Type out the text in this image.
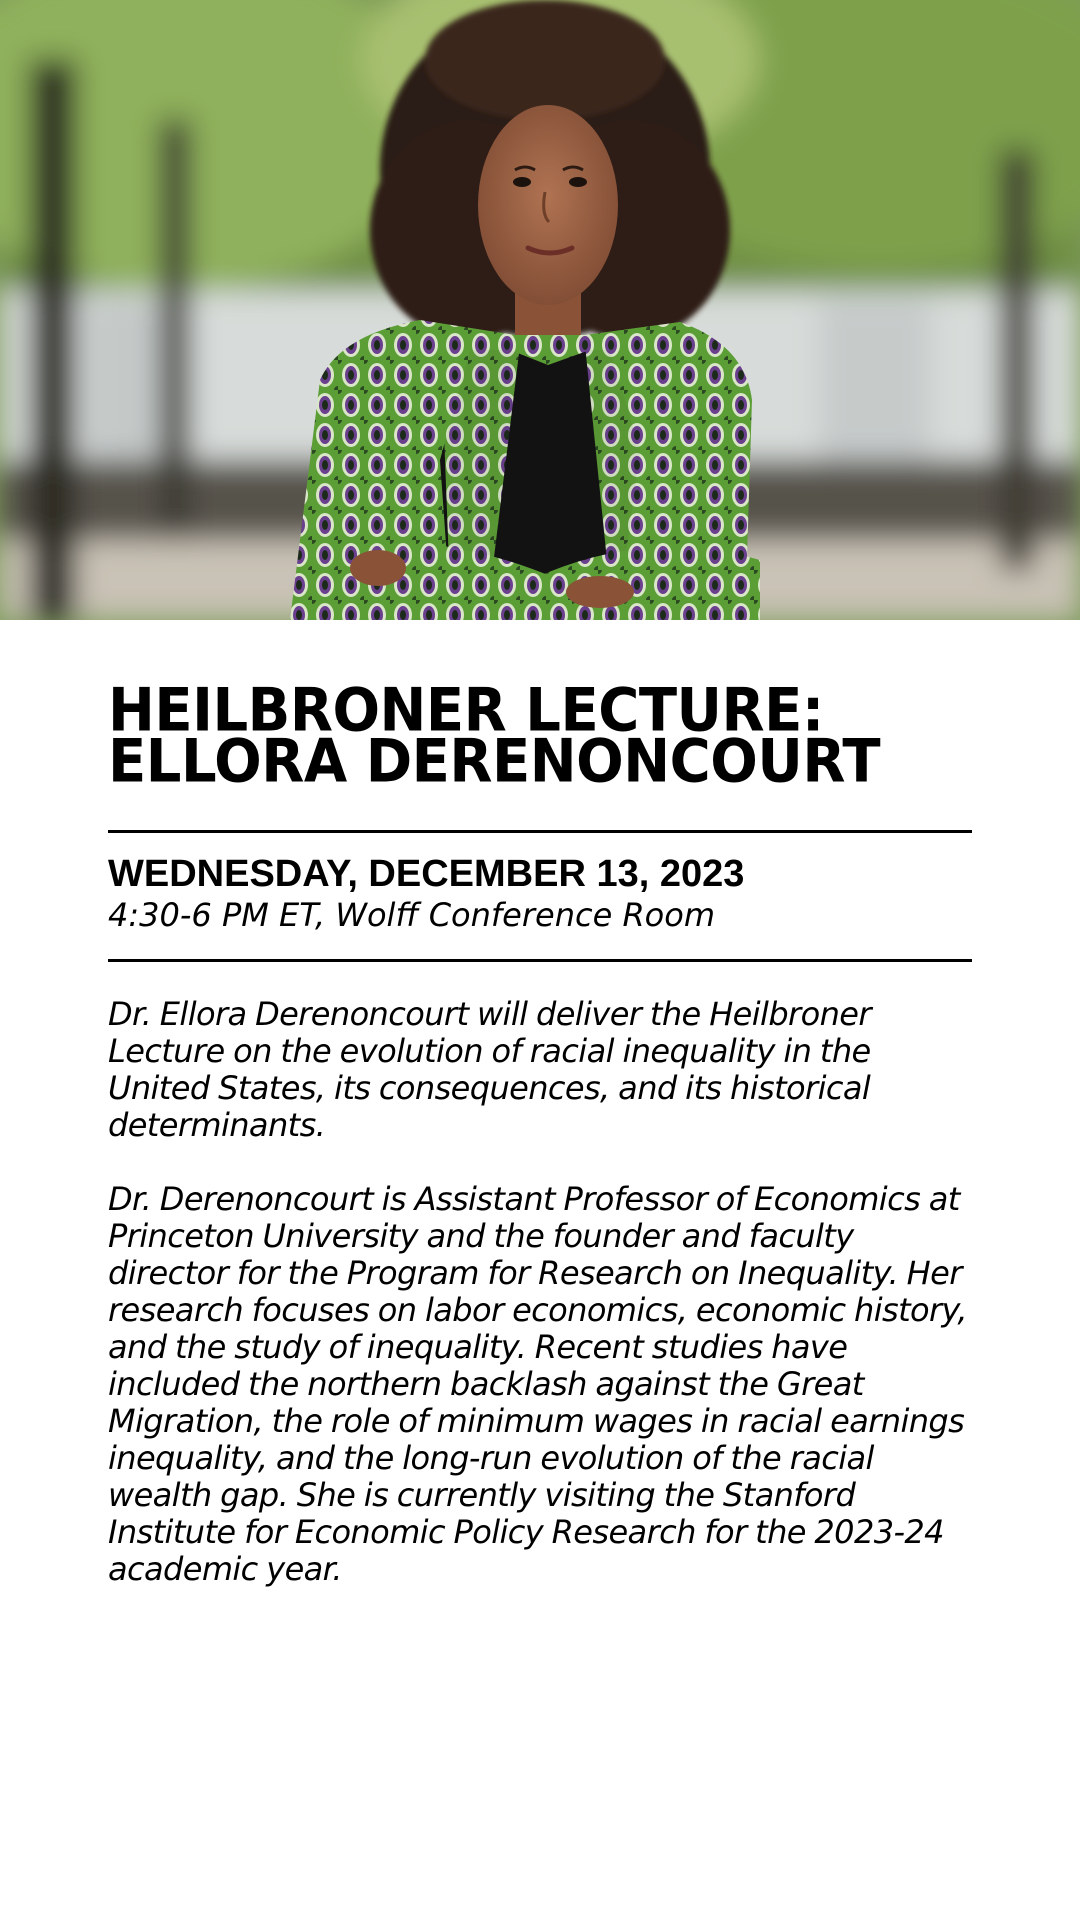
HEILBRONER LECTURE:
ELLORA DERENONCOURT
WEDNESDAY, DECEMBER 13, 2023
4:30-6 PM ET, Wolff Conference Room

Dr. Ellora Derenoncourt will deliver the Heilbroner Lecture on the evolution of racial inequality in the United States, its consequences, and its historical determinants.

Dr. Derenoncourt is Assistant Professor of Economics at Princeton University and the founder and faculty director for the Program for Research on Inequality. Her research focuses on labor economics, economic history, and the study of inequality. Recent studies have included the northern backlash against the Great Migration, the role of minimum wages in racial earnings inequality, and the long-run evolution of the racial wealth gap. She is currently visiting the Stanford Institute for Economic Policy Research for the 2023-24 academic year.
